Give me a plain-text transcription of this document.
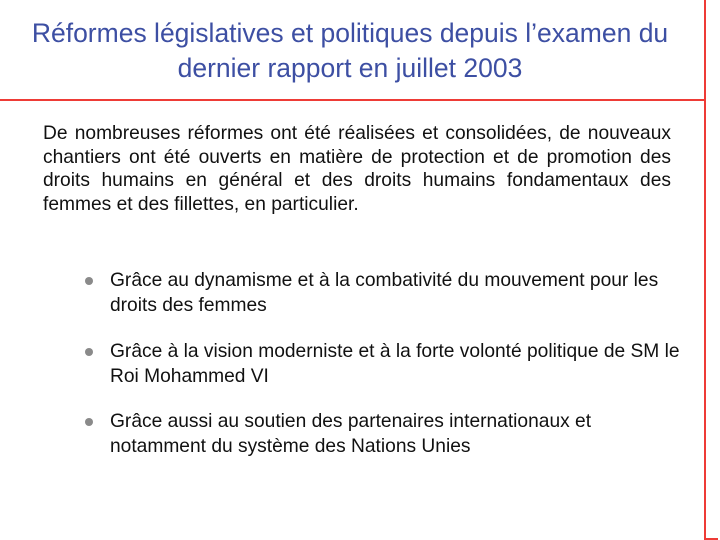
Réformes législatives et politiques depuis l’examen du dernier rapport en juillet 2003

De nombreuses réformes ont été réalisées et consolidées, de nouveaux chantiers ont été ouverts en matière de protection et de promotion des droits humains en général et des droits humains fondamentaux des femmes et des fillettes, en particulier.

Grâce au dynamisme et à la combativité du mouvement pour les droits des femmes
Grâce à la vision moderniste et à la forte volonté politique de SM le Roi Mohammed VI
Grâce aussi au soutien des partenaires internationaux et notamment du système des Nations Unies
